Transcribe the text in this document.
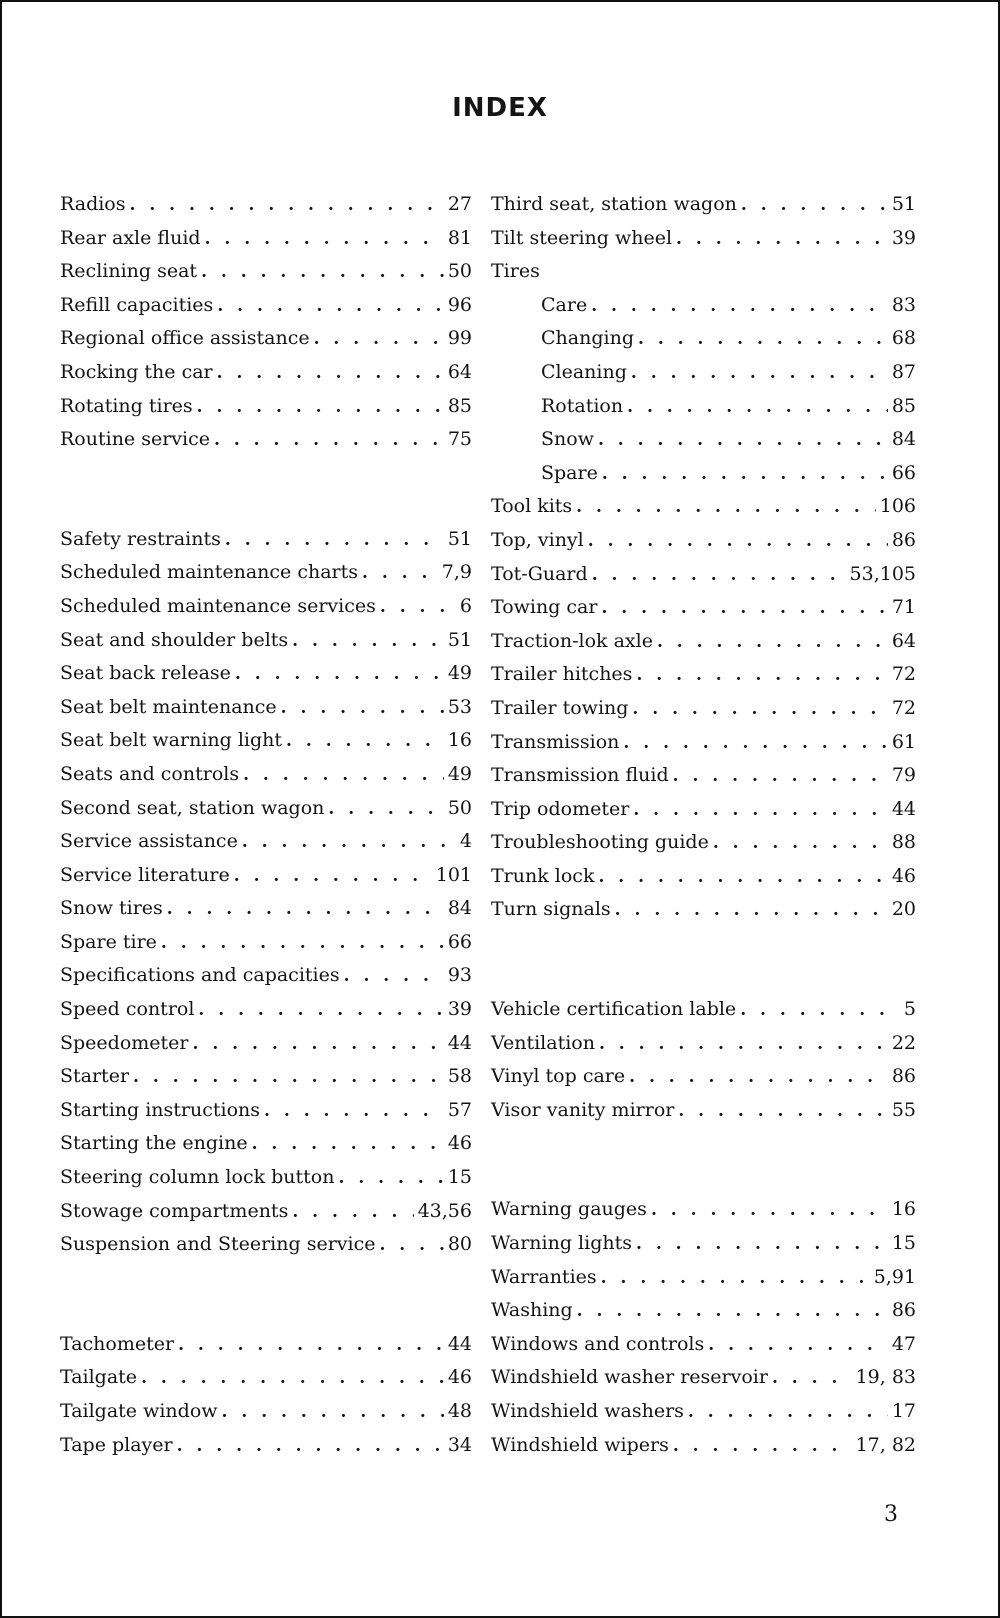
INDEX
Radios . . .	27
Rear axle fluid . . .	81
Reclining seat . . .	50
Refill capacities . . .	96
Regional office assistance . . .	99
Rocking the car . . .	64
Rotating tires . . .	85
Routine service . . .	75
Safety restraints . . .	51
Scheduled maintenance charts . . .	7,9
Scheduled maintenance services . . .	6
Seat and shoulder belts . . .	51
Seat back release . . .	49
Seat belt maintenance . . .	53
Seat belt warning light . . .	16
Seats and controls . . .	49
Second seat, station wagon . . .	50
Service assistance . . .	4
Service literature . . .	101
Snow tires . . .	84
Spare tire . . .	66
Specifications and capacities . . .	93
Speed control . . .	39
Speedometer . . .	44
Starter . . .	58
Starting instructions . . .	57
Starting the engine . . .	46
Steering column lock button . . .	15
Stowage compartments . . .	43,56
Suspension and Steering service . . .	80
Tachometer . . .	44
Tailgate . . .	46
Tailgate window . . .	48
Tape player . . .	34
Third seat, station wagon . . .	51
Tilt steering wheel . . .	39
Tires
Care . . .	83
Changing . . .	68
Cleaning . . .	87
Rotation . . .	85
Snow . . .	84
Spare . . .	66
Tool kits . . .	106
Top, vinyl . . .	86
Tot-Guard . . .	53,105
Towing car . . .	71
Traction-lok axle . . .	64
Trailer hitches . . .	72
Trailer towing . . .	72
Transmission . . .	61
Transmission fluid . . .	79
Trip odometer . . .	44
Troubleshooting guide . . .	88
Trunk lock . . .	46
Turn signals . . .	20
Vehicle certification lable . . .	5
Ventilation . . .	22
Vinyl top care . . .	86
Visor vanity mirror . . .	55
Warning gauges . . .	16
Warning lights . . .	15
Warranties . . .	5,91
Washing . . .	86
Windows and controls . . .	47
Windshield washer reservoir . . .	19, 83
Windshield washers . . .	17
Windshield wipers . . .	17, 82
3
